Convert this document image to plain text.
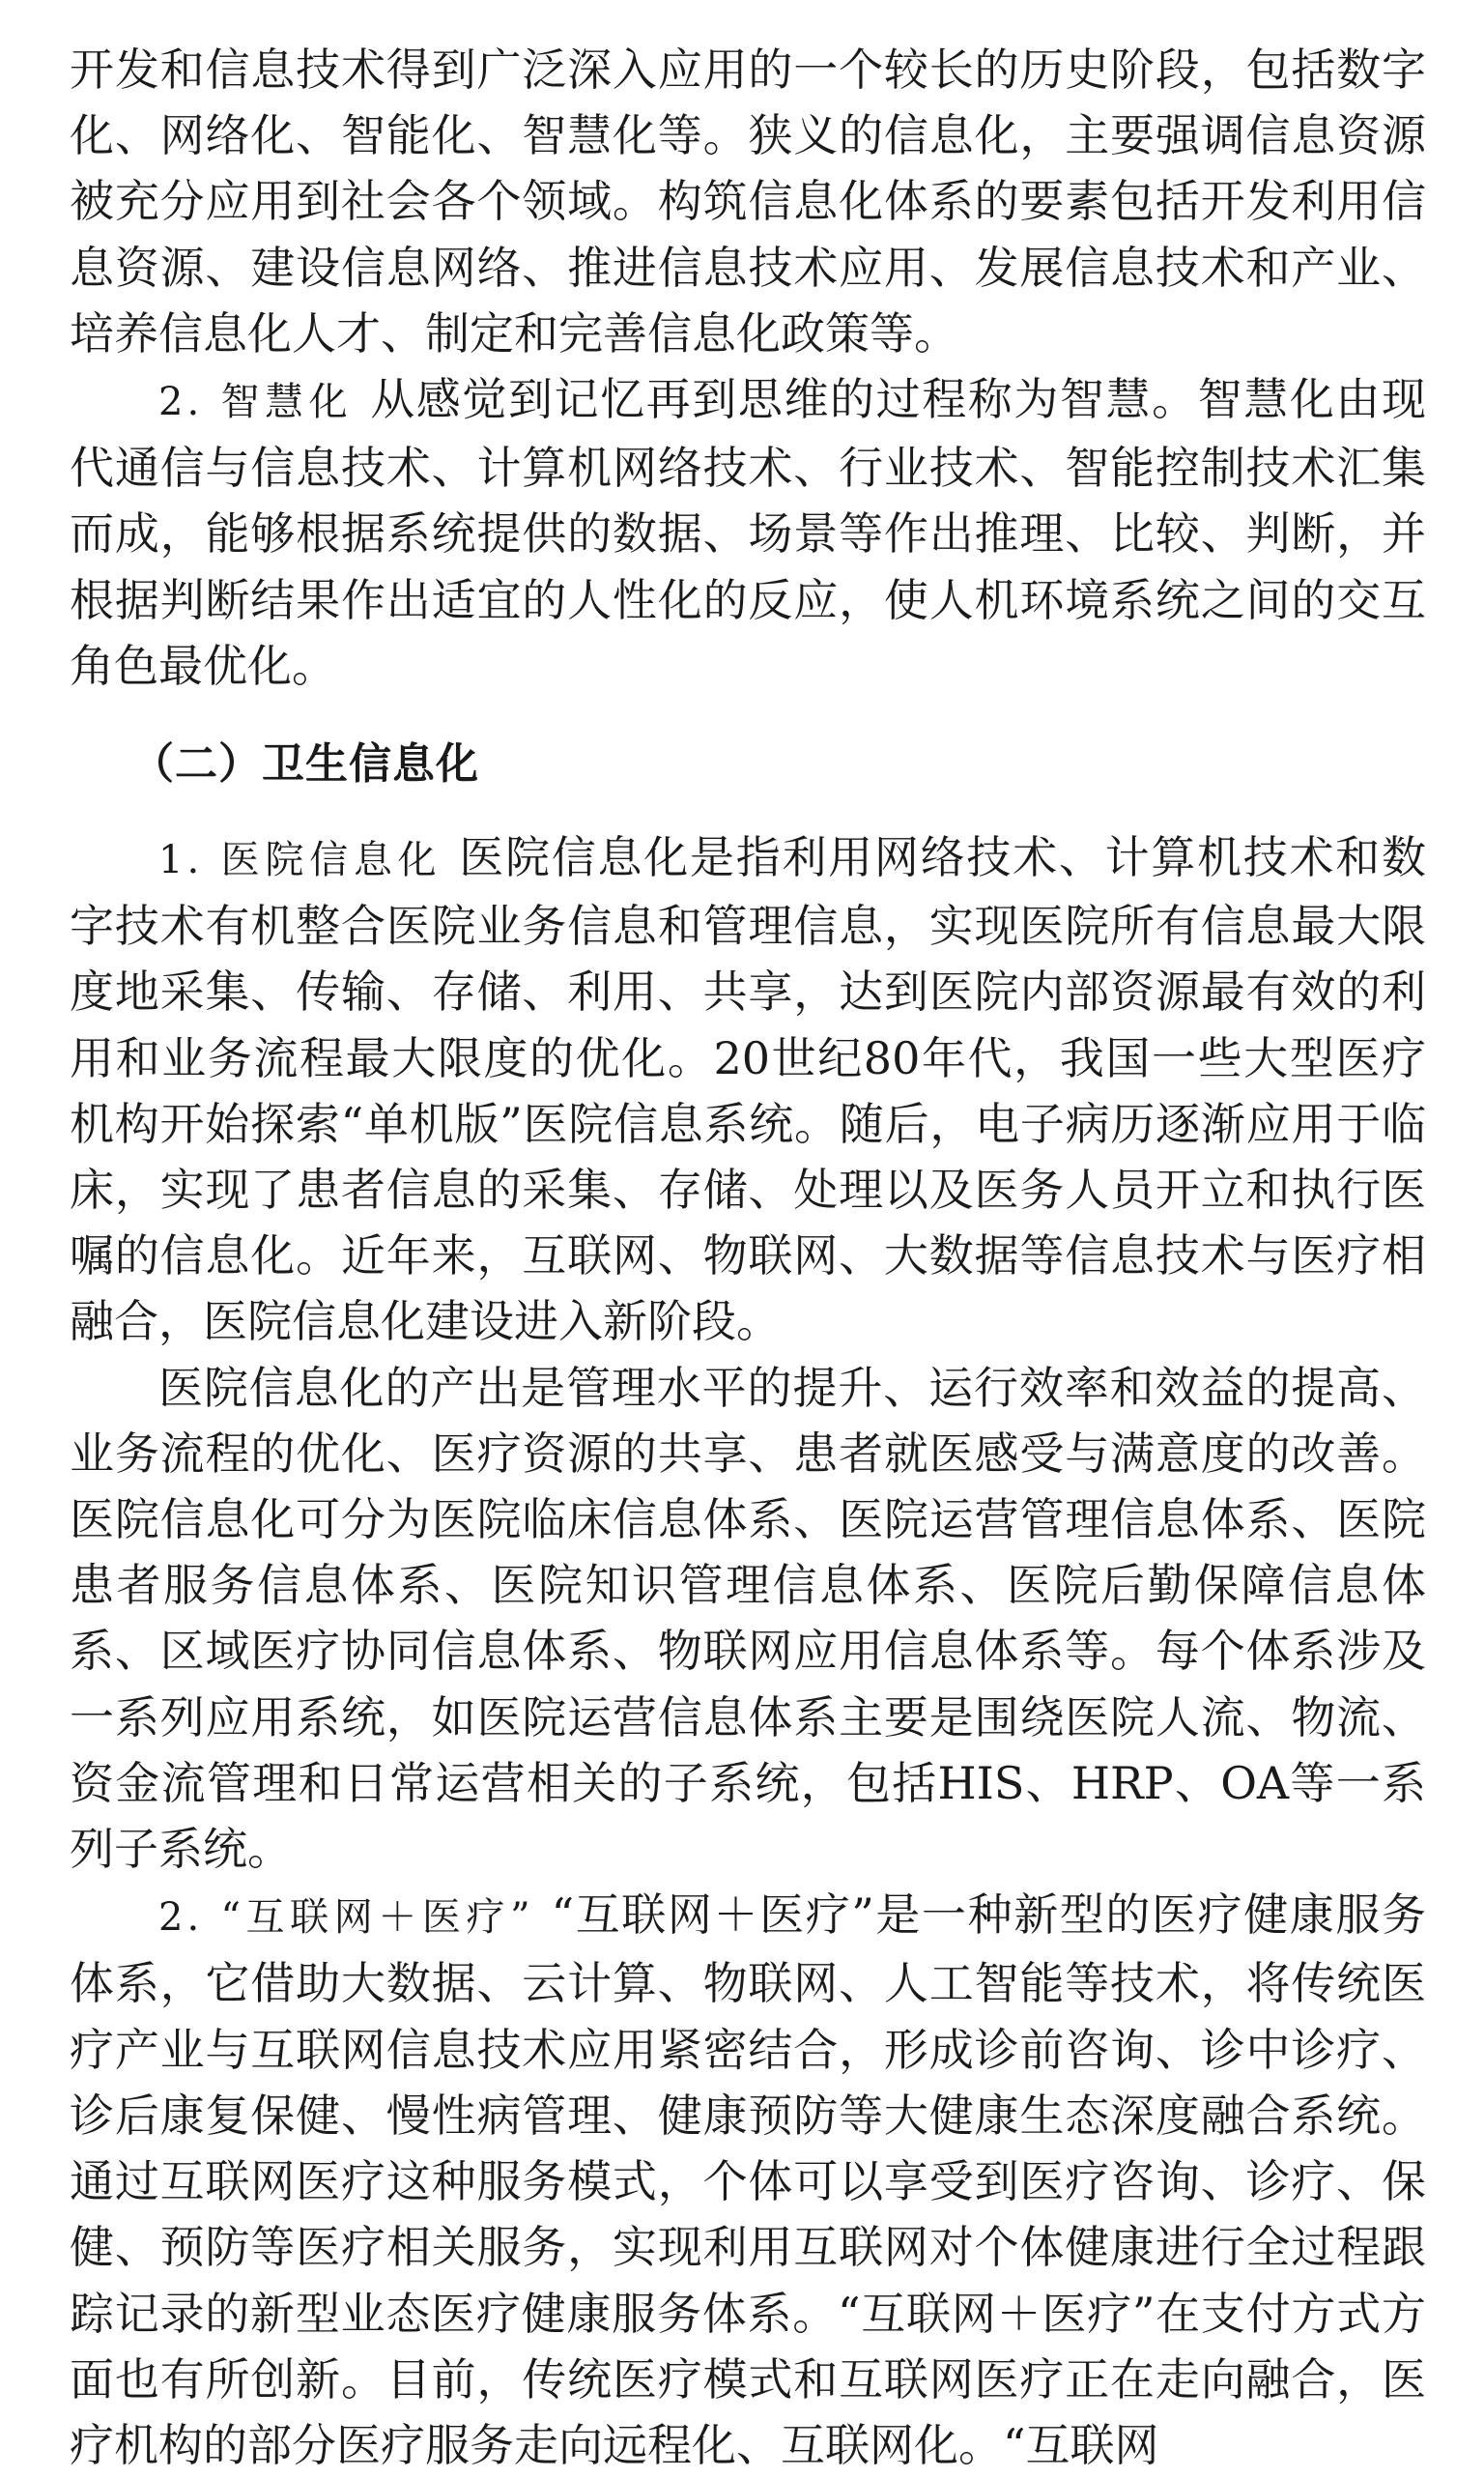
开发和信息技术得到广泛深入应用的一个较长的历史阶段，包括数字化、网络化、智能化、智慧化等。狭义的信息化，主要强调信息资源被充分应用到社会各个领域。构筑信息化体系的要素包括开发利用信息资源、建设信息网络、推进信息技术应用、发展信息技术和产业、培养信息化人才、制定和完善信息化政策等。

2. 智慧化 从感觉到记忆再到思维的过程称为智慧。智慧化由现代通信与信息技术、计算机网络技术、行业技术、智能控制技术汇集而成，能够根据系统提供的数据、场景等作出推理、比较、判断，并根据判断结果作出适宜的人性化的反应，使人机环境系统之间的交互角色最优化。

（二）卫生信息化

1. 医院信息化 医院信息化是指利用网络技术、计算机技术和数字技术有机整合医院业务信息和管理信息，实现医院所有信息最大限度地采集、传输、存储、利用、共享，达到医院内部资源最有效的利用和业务流程最大限度的优化。20世纪80年代，我国一些大型医疗机构开始探索“单机版”医院信息系统。随后，电子病历逐渐应用于临床，实现了患者信息的采集、存储、处理以及医务人员开立和执行医嘱的信息化。近年来，互联网、物联网、大数据等信息技术与医疗相融合，医院信息化建设进入新阶段。

医院信息化的产出是管理水平的提升、运行效率和效益的提高、业务流程的优化、医疗资源的共享、患者就医感受与满意度的改善。医院信息化可分为医院临床信息体系、医院运营管理信息体系、医院患者服务信息体系、医院知识管理信息体系、医院后勤保障信息体系、区域医疗协同信息体系、物联网应用信息体系等。每个体系涉及一系列应用系统，如医院运营信息体系主要是围绕医院人流、物流、资金流管理和日常运营相关的子系统，包括HIS、HRP、OA等一系列子系统。

2. “互联网＋医疗” “互联网＋医疗”是一种新型的医疗健康服务体系，它借助大数据、云计算、物联网、人工智能等技术，将传统医疗产业与互联网信息技术应用紧密结合，形成诊前咨询、诊中诊疗、诊后康复保健、慢性病管理、健康预防等大健康生态深度融合系统。通过互联网医疗这种服务模式，个体可以享受到医疗咨询、诊疗、保健、预防等医疗相关服务，实现利用互联网对个体健康进行全过程跟踪记录的新型业态医疗健康服务体系。“互联网＋医疗”在支付方式方面也有所创新。目前，传统医疗模式和互联网医疗正在走向融合，医疗机构的部分医疗服务走向远程化、互联网化。“互联网
